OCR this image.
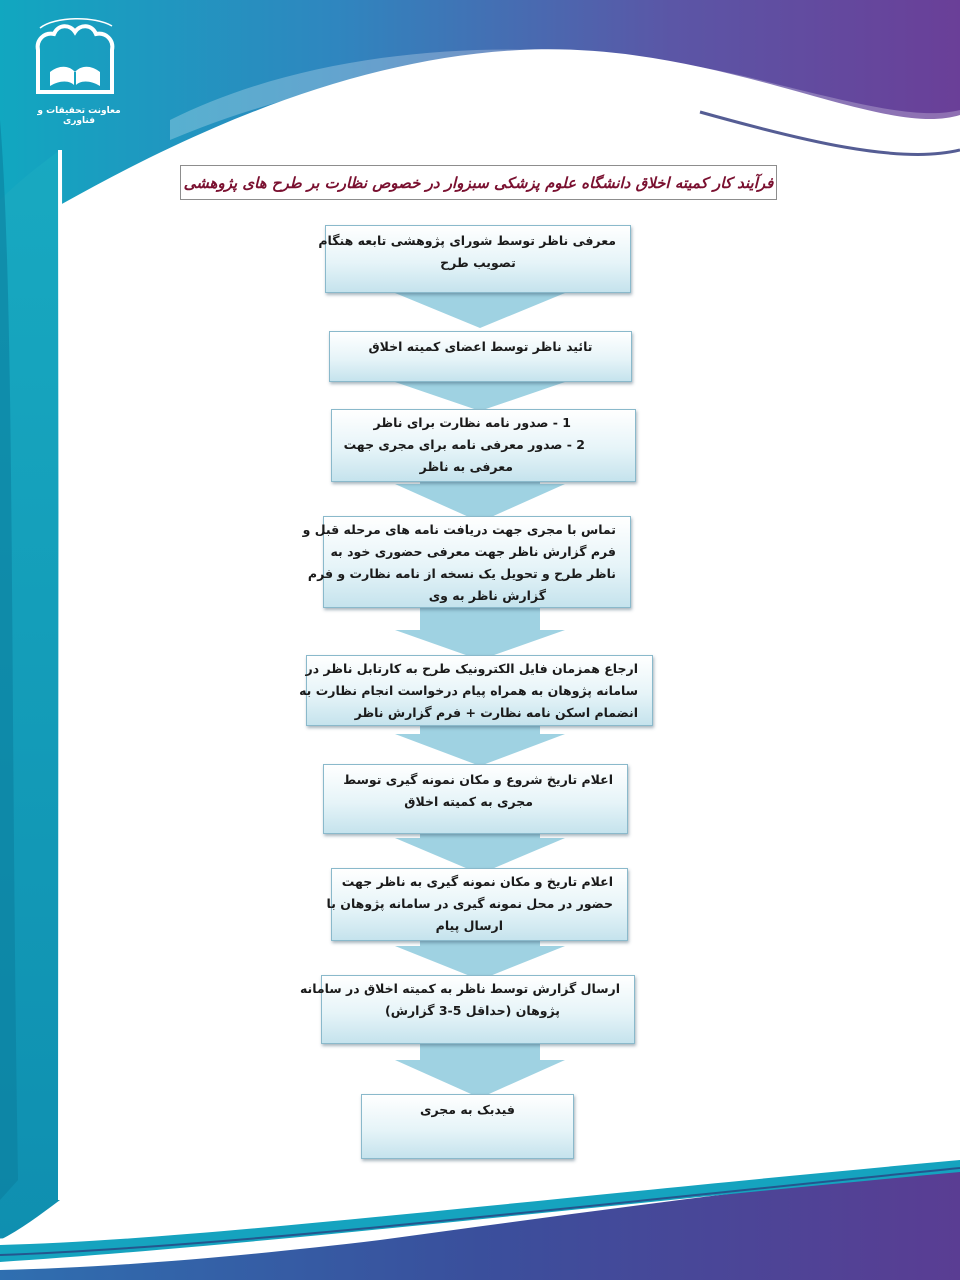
معاونت تحقیقات و فناوری
فرآیند کار کمیته اخلاق دانشگاه علوم پزشکی سبزوار در خصوص نظارت بر طرح های پژوهشی
معرفی ناظر توسط شورای پژوهشی تابعه هنگام
تصویب طرح
تائید ناظر توسط اعضای کمیته اخلاق
1 - صدور نامه نظارت برای ناظر
2 - صدور معرفی نامه برای مجری جهت
معرفی به ناظر
تماس با مجری جهت دریافت نامه های مرحله قبل و
فرم گزارش ناظر جهت معرفی حضوری خود به
ناظر طرح و تحویل یک نسخه از نامه نظارت و فرم
گزارش ناظر به وی
ارجاع همزمان فایل الکترونیک طرح به کارتابل ناظر در
سامانه پژوهان به همراه پیام درخواست انجام نظارت به
انضمام اسکن نامه نظارت + فرم گزارش ناظر
اعلام تاریخ شروع و مکان نمونه گیری توسط
مجری به کمیته اخلاق
اعلام تاریخ و مکان نمونه گیری به ناظر جهت
حضور در محل نمونه گیری در سامانه پژوهان با
ارسال پیام
ارسال گزارش توسط ناظر به کمیته اخلاق در سامانه
پژوهان (حداقل 5-3 گزارش)
فیدبک به مجری
